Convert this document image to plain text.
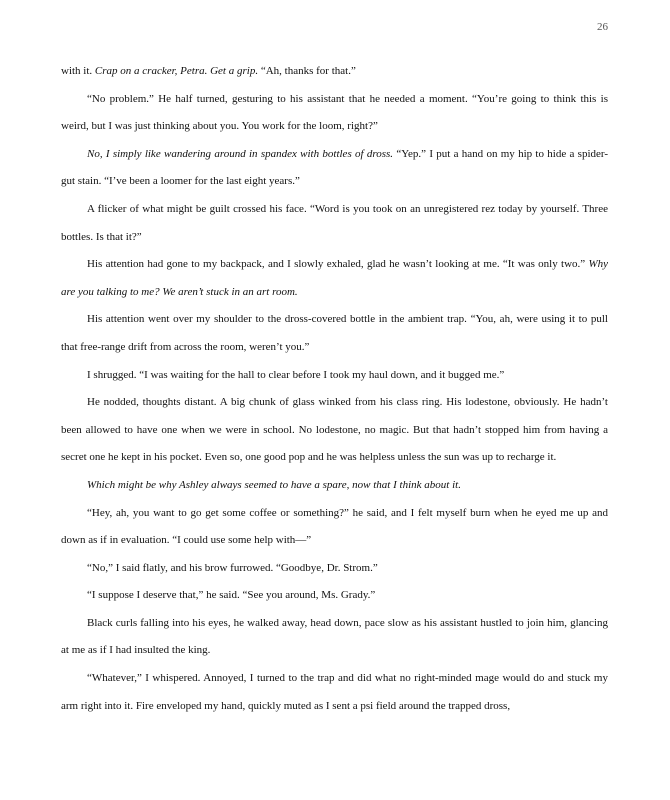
26

with it. Crap on a cracker, Petra. Get a grip. “Ah, thanks for that.”

“No problem.” He half turned, gesturing to his assistant that he needed a moment. “You’re going to think this is weird, but I was just thinking about you. You work for the loom, right?”

No, I simply like wandering around in spandex with bottles of dross. “Yep.” I put a hand on my hip to hide a spider-gut stain. “I’ve been a loomer for the last eight years.”

A flicker of what might be guilt crossed his face. “Word is you took on an unregistered rez today by yourself. Three bottles. Is that it?”

His attention had gone to my backpack, and I slowly exhaled, glad he wasn’t looking at me. “It was only two.” Why are you talking to me? We aren’t stuck in an art room.

His attention went over my shoulder to the dross-covered bottle in the ambient trap. “You, ah, were using it to pull that free-range drift from across the room, weren’t you.”

I shrugged. “I was waiting for the hall to clear before I took my haul down, and it bugged me.”

He nodded, thoughts distant. A big chunk of glass winked from his class ring. His lodestone, obviously. He hadn’t been allowed to have one when we were in school. No lodestone, no magic. But that hadn’t stopped him from having a secret one he kept in his pocket. Even so, one good pop and he was helpless unless the sun was up to recharge it.

Which might be why Ashley always seemed to have a spare, now that I think about it.

“Hey, ah, you want to go get some coffee or something?” he said, and I felt myself burn when he eyed me up and down as if in evaluation. “I could use some help with—”

“No,” I said flatly, and his brow furrowed. “Goodbye, Dr. Strom.”

“I suppose I deserve that,” he said. “See you around, Ms. Grady.”

Black curls falling into his eyes, he walked away, head down, pace slow as his assistant hustled to join him, glancing at me as if I had insulted the king.

“Whatever,” I whispered. Annoyed, I turned to the trap and did what no right-minded mage would do and stuck my arm right into it. Fire enveloped my hand, quickly muted as I sent a psi field around the trapped dross,
